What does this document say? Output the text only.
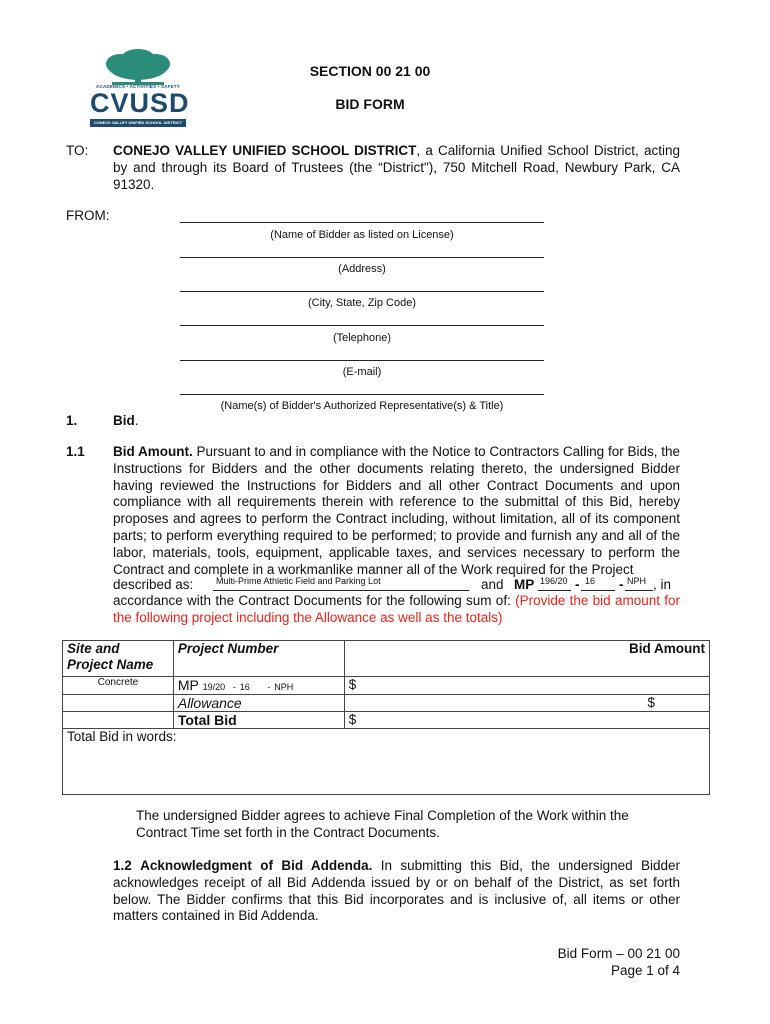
ACADEMICS • ACTIVITIES • SAFETY
CVUSD
CONEJO VALLEY UNIFIED SCHOOL DISTRICT
SECTION 00 21 00
BID FORM
TO: CONEJO VALLEY UNIFIED SCHOOL DISTRICT, a California Unified School District, acting by and through its Board of Trustees (the “District"), 750 Mitchell Road, Newbury Park, CA 91320.
FROM:
(Name of Bidder as listed on License)
(Address)
(City, State, Zip Code)
(Telephone)
(E-mail)
(Name(s) of Bidder's Authorized Representative(s) & Title)
1.	Bid.
1.1 Bid Amount. Pursuant to and in compliance with the Notice to Contractors Calling for Bids, the Instructions for Bidders and the other documents relating thereto, the undersigned Bidder having reviewed the Instructions for Bidders and all other Contract Documents and upon compliance with all requirements therein with reference to the submittal of this Bid, hereby proposes and agrees to perform the Contract including, without limitation, all of its component parts; to perform everything required to be performed; to provide and furnish any and all of the labor, materials, tools, equipment, applicable taxes, and services necessary to perform the Contract and complete in a workmanlike manner all of the Work required for the Project
described as:	Multi-Prime Athletic Field and Parking Lot	and MP 196/20 - 16 - NPH , in
accordance with the Contract Documents for the following sum of: (Provide the bid amount for the following project including the Allowance as well as the totals)
Site and Project Name	Project Number	Bid Amount
Concrete	MP 19/20 - 16 - NPH	$
	Allowance	$
	Total Bid	$
Total Bid in words:		
The undersigned Bidder agrees to achieve Final Completion of the Work within the Contract Time set forth in the Contract Documents.
1.2 Acknowledgment of Bid Addenda. In submitting this Bid, the undersigned Bidder acknowledges receipt of all Bid Addenda issued by or on behalf of the District, as set forth below. The Bidder confirms that this Bid incorporates and is inclusive of, all items or other matters contained in Bid Addenda.
Bid Form – 00 21 00
Page 1 of 4
